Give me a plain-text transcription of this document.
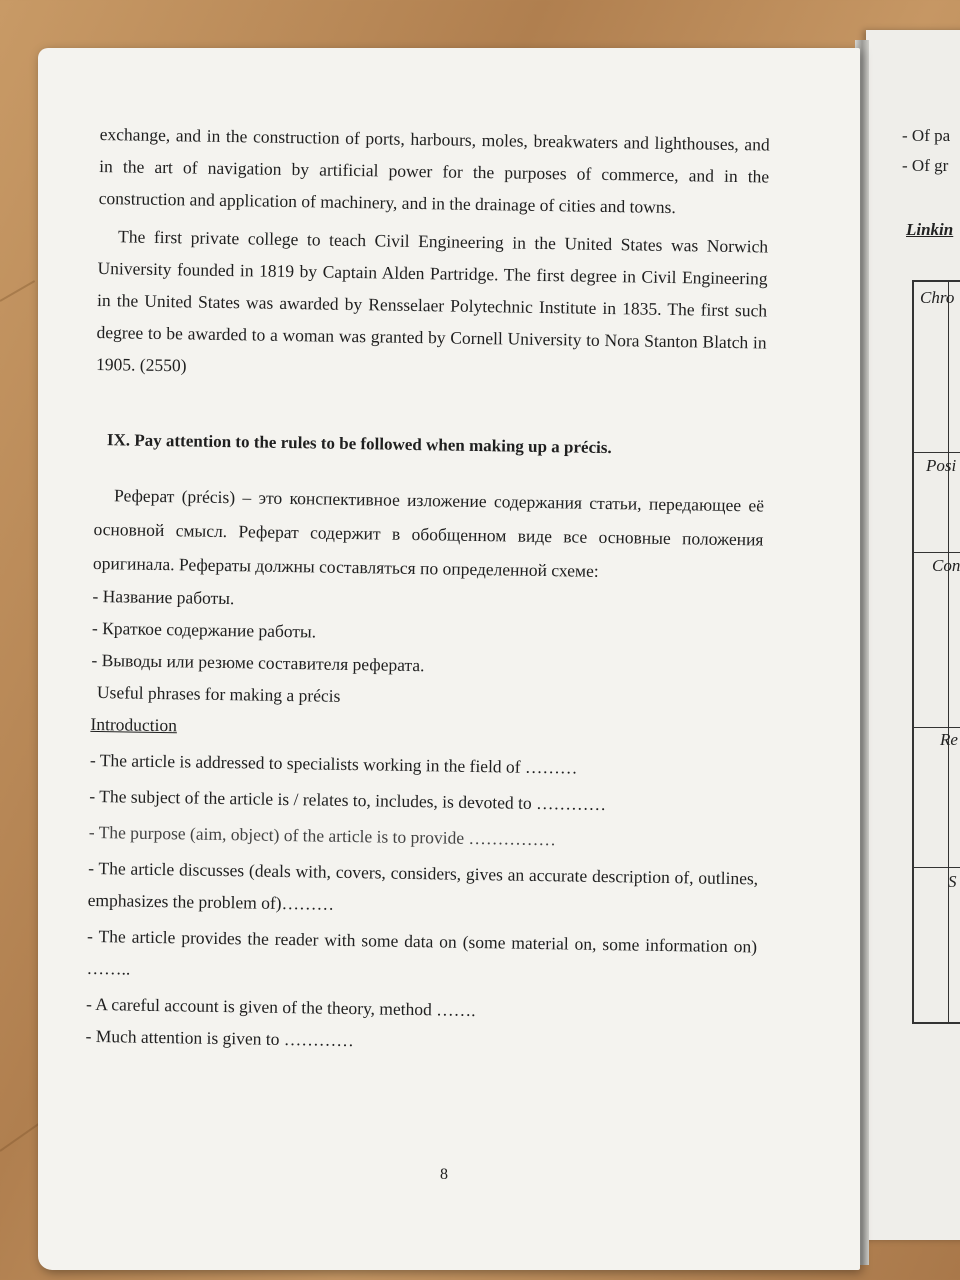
exchange, and in the construction of ports, harbours, moles, breakwaters and lighthouses, and in the art of navigation by artificial power for the purposes of commerce, and in the construction and application of machinery, and in the drainage of cities and towns.

The first private college to teach Civil Engineering in the United States was Norwich University founded in 1819 by Captain Alden Partridge. The first degree in Civil Engineering in the United States was awarded by Rensselaer Polytechnic Institute in 1835. The first such degree to be awarded to a woman was granted by Cornell University to Nora Stanton Blatch in 1905. (2550)

IX. Pay attention to the rules to be followed when making up a précis.

Реферат (précis) – это конспективное изложение содержания статьи, передающее её основной смысл. Реферат содержит в обобщенном виде все основные положения оригинала. Рефераты должны составляться по определенной схеме:

- Название работы.

- Краткое содержание работы.

- Выводы или резюме составителя реферата.

Useful phrases for making a précis

Introduction

- The article is addressed to specialists working in the field of ………

- The subject of the article is / relates to, includes, is devoted to …………

- The purpose (aim, object) of the article is to provide ……………

- The article discusses (deals with, covers, considers, gives an accurate description of, outlines, emphasizes the problem of)………

- The article provides the reader with some data on (some material on, some information on) ……..

- A careful account is given of the theory, method …….

- Much attention is given to …………

8
- Of pa
- Of gr
Linkin
Chro
Posi
Con
Re
S
